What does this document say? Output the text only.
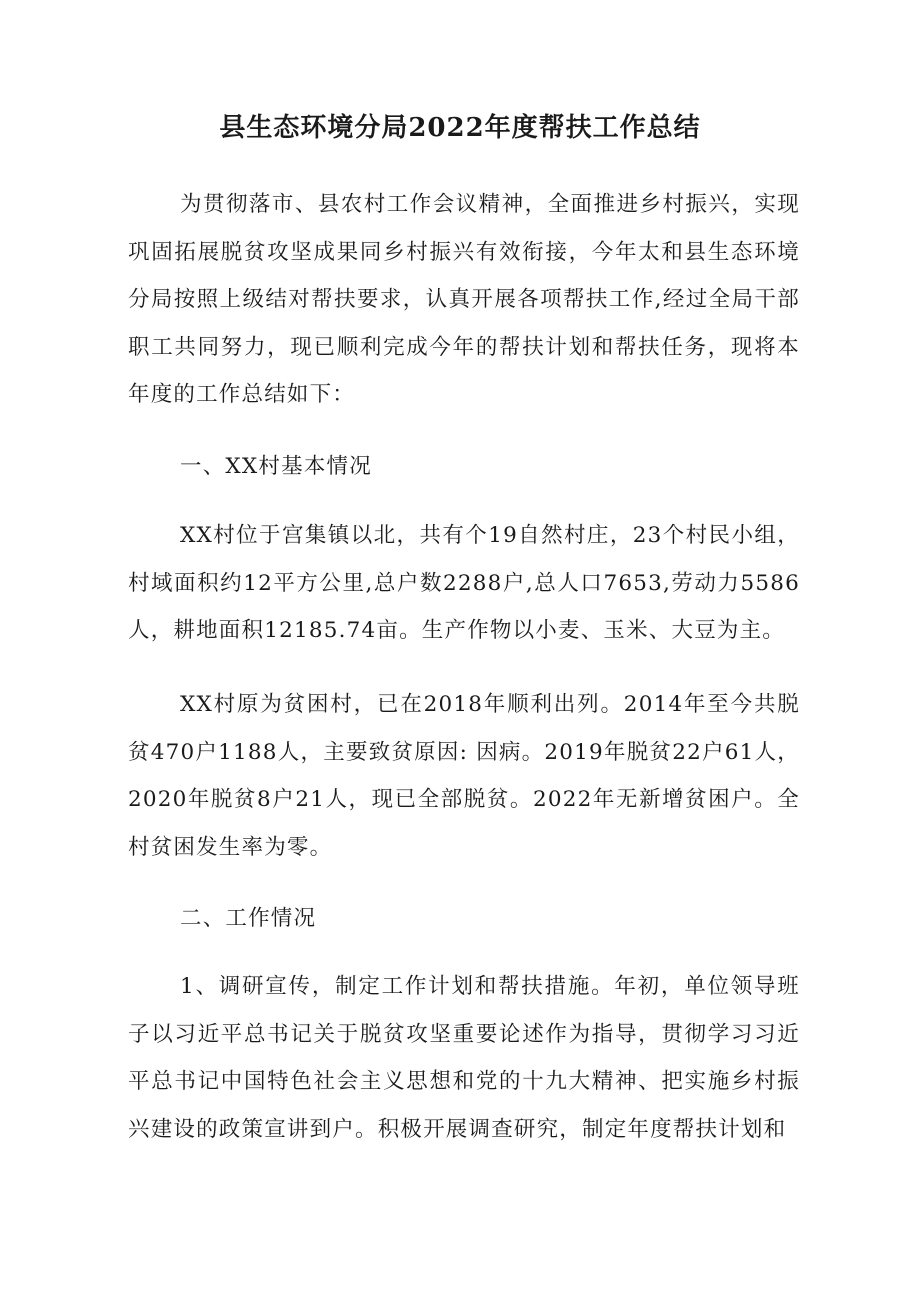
县生态环境分局2022年度帮扶工作总结

为贯彻落市、县农村工作会议精神，全面推进乡村振兴，实现巩固拓展脱贫攻坚成果同乡村振兴有效衔接，今年太和县生态环境分局按照上级结对帮扶要求，认真开展各项帮扶工作,经过全局干部职工共同努力，现已顺利完成今年的帮扶计划和帮扶任务，现将本年度的工作总结如下：

一、XX村基本情况

XX村位于宫集镇以北，共有个19自然村庄，23个村民小组，村域面积约12平方公里,总户数2288户,总人口7653,劳动力5586人，耕地面积12185.74亩。生产作物以小麦、玉米、大豆为主。

XX村原为贫困村，已在2018年顺利出列。2014年至今共脱贫470户1188人，主要致贫原因: 因病。2019年脱贫22户61人，2020年脱贫8户21人，现已全部脱贫。2022年无新增贫困户。全村贫困发生率为零。

二、工作情况

1、调研宣传，制定工作计划和帮扶措施。年初，单位领导班子以习近平总书记关于脱贫攻坚重要论述作为指导，贯彻学习习近平总书记中国特色社会主义思想和党的十九大精神、把实施乡村振兴建设的政策宣讲到户。积极开展调查研究，制定年度帮扶计划和
